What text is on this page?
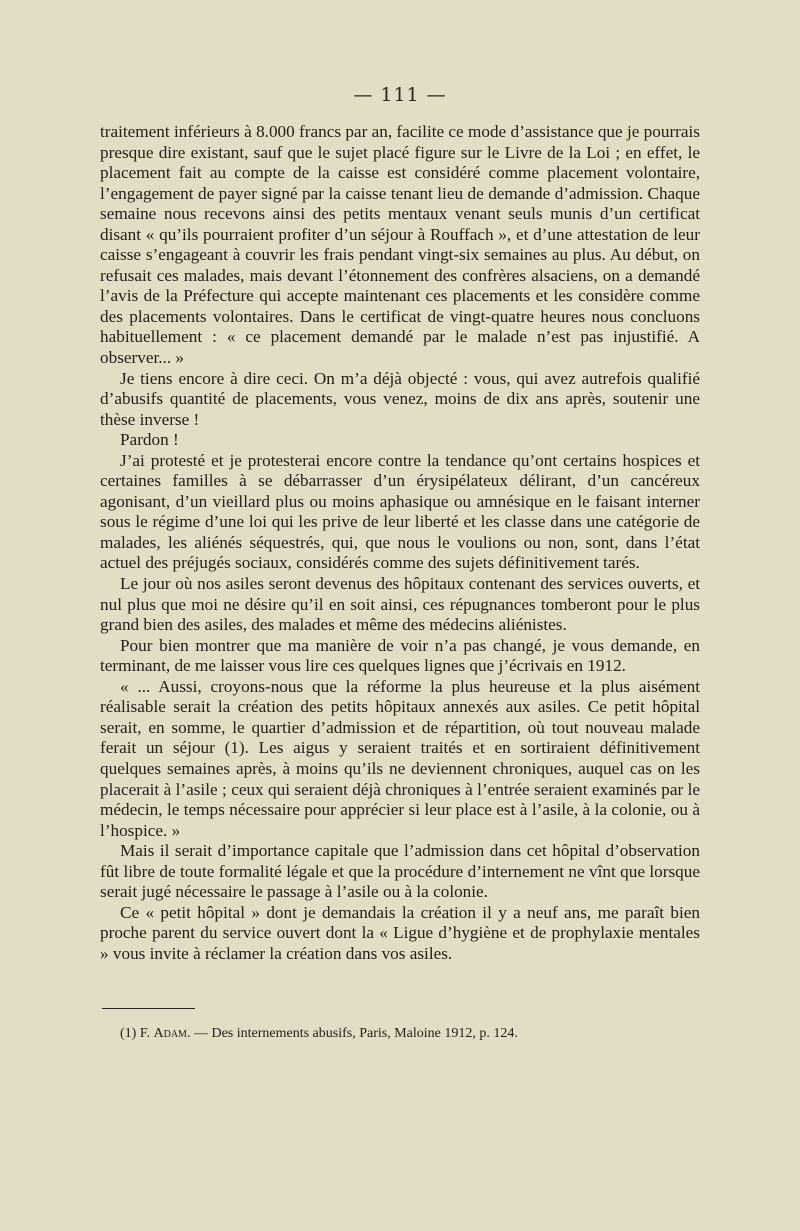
— 111 —

traitement inférieurs à 8.000 francs par an, facilite ce mode d’assistance que je pourrais presque dire existant, sauf que le sujet placé figure sur le Livre de la Loi ; en effet, le placement fait au compte de la caisse est considéré comme placement volontaire, l’engagement de payer signé par la caisse tenant lieu de demande d’admission. Chaque semaine nous recevons ainsi des petits mentaux venant seuls munis d’un certificat disant « qu’ils pourraient profiter d’un séjour à Rouffach », et d’une attestation de leur caisse s’engageant à couvrir les frais pendant vingt-six semaines au plus. Au début, on refusait ces malades, mais devant l’étonnement des confrères alsaciens, on a demandé l’avis de la Préfecture qui accepte maintenant ces placements et les considère comme des placements volontaires. Dans le certificat de vingt-quatre heures nous concluons habituellement : « ce placement demandé par le malade n’est pas injustifié. A observer... »

Je tiens encore à dire ceci. On m’a déjà objecté : vous, qui avez autrefois qualifié d’abusifs quantité de placements, vous venez, moins de dix ans après, soutenir une thèse inverse !

Pardon !

J’ai protesté et je protesterai encore contre la tendance qu’ont certains hospices et certaines familles à se débarrasser d’un érysipélateux délirant, d’un cancéreux agonisant, d’un vieillard plus ou moins aphasique ou amnésique en le faisant interner sous le régime d’une loi qui les prive de leur liberté et les classe dans une catégorie de malades, les aliénés séquestrés, qui, que nous le voulions ou non, sont, dans l’état actuel des préjugés sociaux, considérés comme des sujets définitivement tarés.

Le jour où nos asiles seront devenus des hôpitaux contenant des services ouverts, et nul plus que moi ne désire qu’il en soit ainsi, ces répugnances tomberont pour le plus grand bien des asiles, des malades et même des médecins aliénistes.

Pour bien montrer que ma manière de voir n’a pas changé, je vous demande, en terminant, de me laisser vous lire ces quelques lignes que j’écrivais en 1912.

« ... Aussi, croyons-nous que la réforme la plus heureuse et la plus aisément réalisable serait la création des petits hôpitaux annexés aux asiles. Ce petit hôpital serait, en somme, le quartier d’admission et de répartition, où tout nouveau malade ferait un séjour (1). Les aigus y seraient traités et en sortiraient définitivement quelques semaines après, à moins qu’ils ne deviennent chroniques, auquel cas on les placerait à l’asile ; ceux qui seraient déjà chroniques à l’entrée seraient examinés par le médecin, le temps nécessaire pour apprécier si leur place est à l’asile, à la colonie, ou à l’hospice. »

Mais il serait d’importance capitale que l’admission dans cet hôpital d’observation fût libre de toute formalité légale et que la procédure d’internement ne vînt que lorsque serait jugé nécessaire le passage à l’asile ou à la colonie.

Ce « petit hôpital » dont je demandais la création il y a neuf ans, me paraît bien proche parent du service ouvert dont la « Ligue d’hygiène et de prophylaxie mentales » vous invite à réclamer la création dans vos asiles.

(1) F. Adam. — Des internements abusifs, Paris, Maloine 1912, p. 124.
